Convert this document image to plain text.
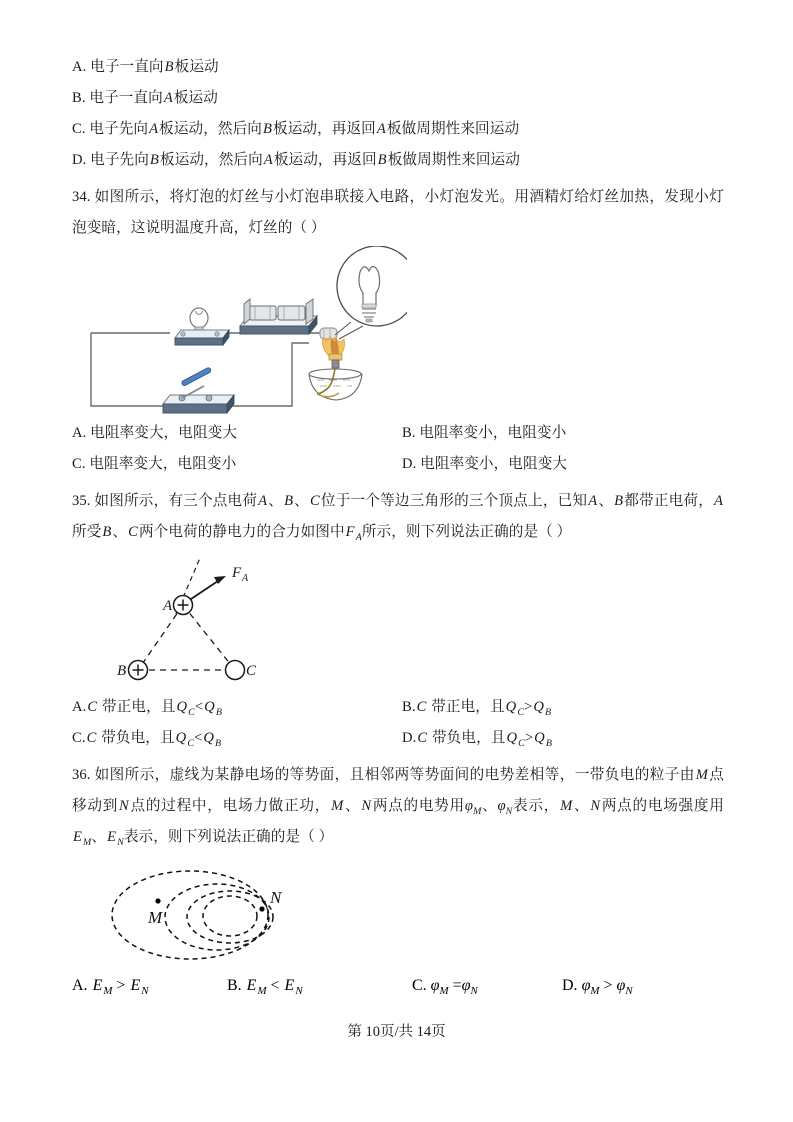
A. 电子一直向B板运动
B. 电子一直向A板运动
C. 电子先向A板运动，然后向B板运动，再返回A板做周期性来回运动
D. 电子先向B板运动，然后向A板运动，再返回B板做周期性来回运动
34. 如图所示，将灯泡的灯丝与小灯泡串联接入电路，小灯泡发光。用酒精灯给灯丝加热，发现小灯泡变暗，这说明温度升高，灯丝的（ ）
A. 电阻率变大，电阻变大	B. 电阻率变小，电阻变小
C. 电阻率变大，电阻变小	D. 电阻率变小，电阻变大
35. 如图所示，有三个点电荷A、B、C位于一个等边三角形的三个顶点上，已知A、B都带正电荷，A所受B、C两个电荷的静电力的合力如图中$F_A$所示，则下列说法正确的是（ ）
A
B	C
F A
A.C 带正电，且$Q_C<Q_B$	B.C 带正电，且$Q_C>Q_B$
C.C 带负电，且$Q_C<Q_B$	D.C 带负电，且$Q_C>Q_B$
36. 如图所示，虚线为某静电场的等势面，且相邻两等势面间的电势差相等，一带负电的粒子由M点移动到N点的过程中，电场力做正功，M、N两点的电势用$\varphi_M$、$\varphi_N$表示，M、N两点的电场强度用$E_M$、$E_N$表示，则下列说法正确的是（ ）
M
N
A. $E_M > E_N$	B. $E_M < E_N$	C. $\varphi_M =\varphi_N$	D. $\varphi_M > \varphi_N$
第 10页/共 14页
